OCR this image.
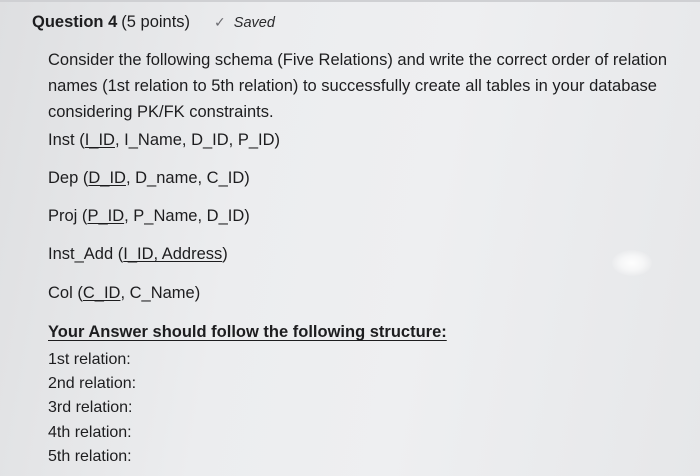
Question 4 (5 points) ✓ Saved

Consider the following schema (Five Relations) and write the correct order of relation names (1st relation to 5th relation) to successfully create all tables in your database considering PK/FK constraints.

Inst (I_ID, I_Name, D_ID, P_ID)
Dep (D_ID, D_name, C_ID)
Proj (P_ID, P_Name, D_ID)
Inst_Add (I_ID, Address)
Col (C_ID, C_Name)
Your Answer should follow the following structure:
1st relation:
2nd relation:
3rd relation:
4th relation:
5th relation:
